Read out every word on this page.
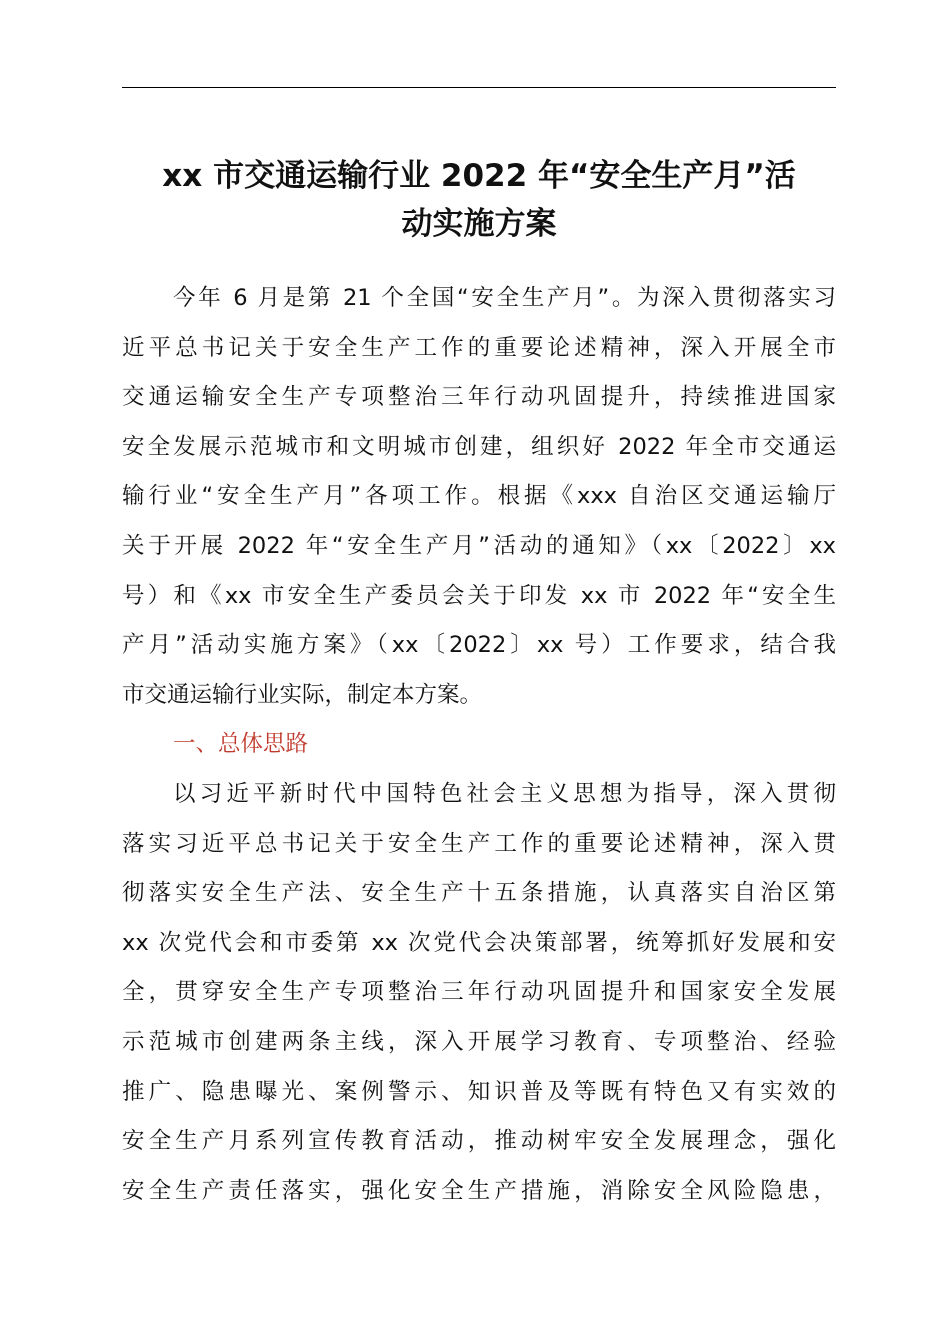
xx 市交通运输行业 2022 年“安全生产月”活
动实施方案
今年 6 月是第 21 个全国“安全生产月”。为深入贯彻落实习
近平总书记关于安全生产工作的重要论述精神，深入开展全市
交通运输安全生产专项整治三年行动巩固提升，持续推进国家
安全发展示范城市和文明城市创建，组织好 2022 年全市交通运
输行业“安全生产月”各项工作。根据《xxx 自治区交通运输厅
关于开展 2022 年“安全生产月”活动的通知》（xx〔2022〕xx
号）和《xx 市安全生产委员会关于印发 xx 市 2022 年“安全生
产月”活动实施方案》（xx〔2022〕xx 号）工作要求，结合我
市交通运输行业实际，制定本方案。
一、总体思路
以习近平新时代中国特色社会主义思想为指导，深入贯彻
落实习近平总书记关于安全生产工作的重要论述精神，深入贯
彻落实安全生产法、安全生产十五条措施，认真落实自治区第
xx 次党代会和市委第 xx 次党代会决策部署，统筹抓好发展和安
全，贯穿安全生产专项整治三年行动巩固提升和国家安全发展
示范城市创建两条主线，深入开展学习教育、专项整治、经验
推广、隐患曝光、案例警示、知识普及等既有特色又有实效的
安全生产月系列宣传教育活动，推动树牢安全发展理念，强化
安全生产责任落实，强化安全生产措施，消除安全风险隐患，
